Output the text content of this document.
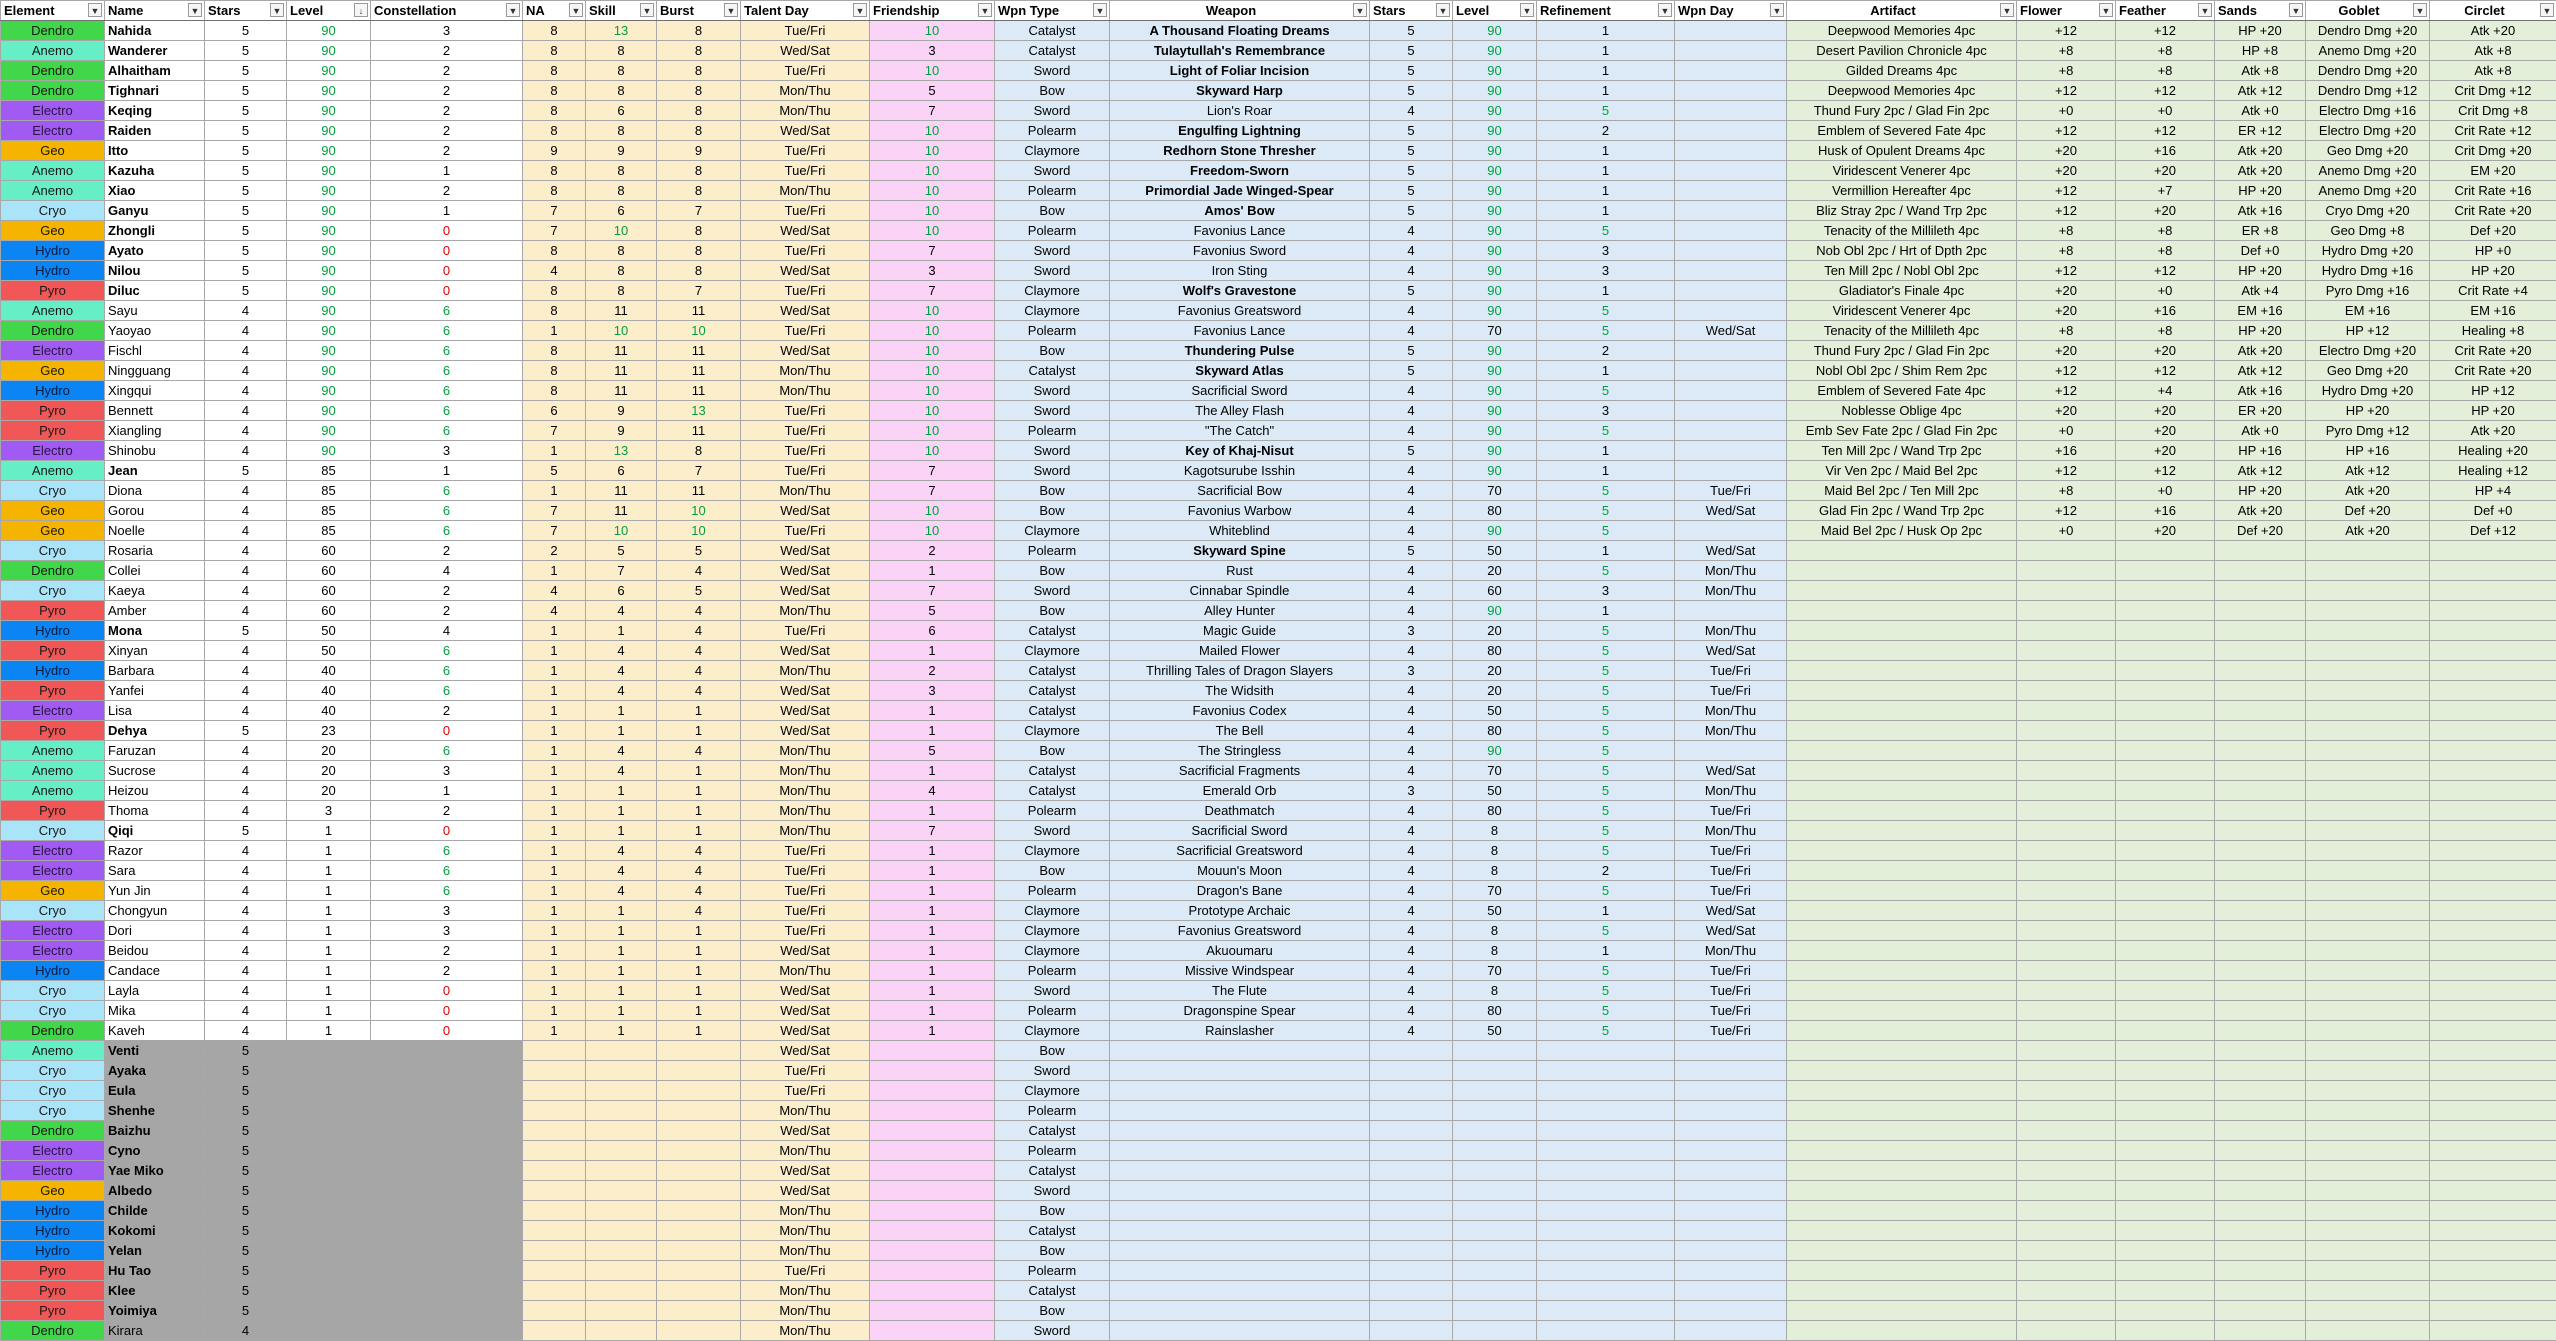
Element ▼	Name ▼	Stars ▼	Level ↓	Constellation ▼	NA ▼	Skill ▼	Burst ▼	Talent Day ▼	Friendship ▼	Wpn Type ▼	Weapon ▼	Stars ▼	Level ▼	Refinement ▼	Wpn Day ▼	Artifact ▼	Flower ▼	Feather ▼	Sands ▼	Goblet ▼	Circlet ▼

Dendro	Nahida	5	90	3	8	13	8	Tue/Fri	10	Catalyst	A Thousand Floating Dreams	5	90	1		Deepwood Memories 4pc	+12	+12	HP +20	Dendro Dmg +20	Atk +20
Anemo	Wanderer	5	90	2	8	8	8	Wed/Sat	3	Catalyst	Tulaytullah's Remembrance	5	90	1		Desert Pavilion Chronicle 4pc	+8	+8	HP +8	Anemo Dmg +20	Atk +8
Dendro	Alhaitham	5	90	2	8	8	8	Tue/Fri	10	Sword	Light of Foliar Incision	5	90	1		Gilded Dreams 4pc	+8	+8	Atk +8	Dendro Dmg +20	Atk +8
Dendro	Tighnari	5	90	2	8	8	8	Mon/Thu	5	Bow	Skyward Harp	5	90	1		Deepwood Memories 4pc	+12	+12	Atk +12	Dendro Dmg +12	Crit Dmg +12
Electro	Keqing	5	90	2	8	6	8	Mon/Thu	7	Sword	Lion's Roar	4	90	5		Thund Fury 2pc / Glad Fin 2pc	+0	+0	Atk +0	Electro Dmg +16	Crit Dmg +8
Electro	Raiden	5	90	2	8	8	8	Wed/Sat	10	Polearm	Engulfing Lightning	5	90	2		Emblem of Severed Fate 4pc	+12	+12	ER +12	Electro Dmg +20	Crit Rate +12
Geo	Itto	5	90	2	9	9	9	Tue/Fri	10	Claymore	Redhorn Stone Thresher	5	90	1		Husk of Opulent Dreams 4pc	+20	+16	Atk +20	Geo Dmg +20	Crit Dmg +20
Anemo	Kazuha	5	90	1	8	8	8	Tue/Fri	10	Sword	Freedom-Sworn	5	90	1		Viridescent Venerer 4pc	+20	+20	Atk +20	Anemo Dmg +20	EM +20
Anemo	Xiao	5	90	2	8	8	8	Mon/Thu	10	Polearm	Primordial Jade Winged-Spear	5	90	1		Vermillion Hereafter 4pc	+12	+7	HP +20	Anemo Dmg +20	Crit Rate +16
Cryo	Ganyu	5	90	1	7	6	7	Tue/Fri	10	Bow	Amos' Bow	5	90	1		Bliz Stray 2pc / Wand Trp 2pc	+12	+20	Atk +16	Cryo Dmg +20	Crit Rate +20
Geo	Zhongli	5	90	0	7	10	8	Wed/Sat	10	Polearm	Favonius Lance	4	90	5		Tenacity of the Millileth 4pc	+8	+8	ER +8	Geo Dmg +8	Def +20
Hydro	Ayato	5	90	0	8	8	8	Tue/Fri	7	Sword	Favonius Sword	4	90	3		Nob Obl 2pc / Hrt of Dpth 2pc	+8	+8	Def +0	Hydro Dmg +20	HP +0
Hydro	Nilou	5	90	0	4	8	8	Wed/Sat	3	Sword	Iron Sting	4	90	3		Ten Mill 2pc / Nobl Obl 2pc	+12	+12	HP +20	Hydro Dmg +16	HP +20
Pyro	Diluc	5	90	0	8	8	7	Tue/Fri	7	Claymore	Wolf's Gravestone	5	90	1		Gladiator's Finale 4pc	+20	+0	Atk +4	Pyro Dmg +16	Crit Rate +4
Anemo	Sayu	4	90	6	8	11	11	Wed/Sat	10	Claymore	Favonius Greatsword	4	90	5		Viridescent Venerer 4pc	+20	+16	EM +16	EM +16	EM +16
Dendro	Yaoyao	4	90	6	1	10	10	Tue/Fri	10	Polearm	Favonius Lance	4	70	5	Wed/Sat	Tenacity of the Millileth 4pc	+8	+8	HP +20	HP +12	Healing +8
Electro	Fischl	4	90	6	8	11	11	Wed/Sat	10	Bow	Thundering Pulse	5	90	2		Thund Fury 2pc / Glad Fin 2pc	+20	+20	Atk +20	Electro Dmg +20	Crit Rate +20
Geo	Ningguang	4	90	6	8	11	11	Mon/Thu	10	Catalyst	Skyward Atlas	5	90	1		Nobl Obl 2pc / Shim Rem 2pc	+12	+12	Atk +12	Geo Dmg +20	Crit Rate +20
Hydro	Xingqui	4	90	6	8	11	11	Mon/Thu	10	Sword	Sacrificial Sword	4	90	5		Emblem of Severed Fate 4pc	+12	+4	Atk +16	Hydro Dmg +20	HP +12
Pyro	Bennett	4	90	6	6	9	13	Tue/Fri	10	Sword	The Alley Flash	4	90	3		Noblesse Oblige 4pc	+20	+20	ER +20	HP +20	HP +20
Pyro	Xiangling	4	90	6	7	9	11	Tue/Fri	10	Polearm	"The Catch"	4	90	5		Emb Sev Fate 2pc / Glad Fin 2pc	+0	+20	Atk +0	Pyro Dmg +12	Atk +20
Electro	Shinobu	4	90	3	1	13	8	Tue/Fri	10	Sword	Key of Khaj-Nisut	5	90	1		Ten Mill 2pc / Wand Trp 2pc	+16	+20	HP +16	HP +16	Healing +20
Anemo	Jean	5	85	1	5	6	7	Tue/Fri	7	Sword	Kagotsurube Isshin	4	90	1		Vir Ven 2pc / Maid Bel 2pc	+12	+12	Atk +12	Atk +12	Healing +12
Cryo	Diona	4	85	6	1	11	11	Mon/Thu	7	Bow	Sacrificial Bow	4	70	5	Tue/Fri	Maid Bel 2pc / Ten Mill 2pc	+8	+0	HP +20	Atk +20	HP +4
Geo	Gorou	4	85	6	7	11	10	Wed/Sat	10	Bow	Favonius Warbow	4	80	5	Wed/Sat	Glad Fin 2pc / Wand Trp 2pc	+12	+16	Atk +20	Def +20	Def +0
Geo	Noelle	4	85	6	7	10	10	Tue/Fri	10	Claymore	Whiteblind	4	90	5		Maid Bel 2pc / Husk Op 2pc	+0	+20	Def +20	Atk +20	Def +12
Cryo	Rosaria	4	60	2	2	5	5	Wed/Sat	2	Polearm	Skyward Spine	5	50	1	Wed/Sat						
Dendro	Collei	4	60	4	1	7	4	Wed/Sat	1	Bow	Rust	4	20	5	Mon/Thu						
Cryo	Kaeya	4	60	2	4	6	5	Wed/Sat	7	Sword	Cinnabar Spindle	4	60	3	Mon/Thu						
Pyro	Amber	4	60	2	4	4	4	Mon/Thu	5	Bow	Alley Hunter	4	90	1							
Hydro	Mona	5	50	4	1	1	4	Tue/Fri	6	Catalyst	Magic Guide	3	20	5	Mon/Thu						
Pyro	Xinyan	4	50	6	1	4	4	Wed/Sat	1	Claymore	Mailed Flower	4	80	5	Wed/Sat						
Hydro	Barbara	4	40	6	1	4	4	Mon/Thu	2	Catalyst	Thrilling Tales of Dragon Slayers	3	20	5	Tue/Fri						
Pyro	Yanfei	4	40	6	1	4	4	Wed/Sat	3	Catalyst	The Widsith	4	20	5	Tue/Fri						
Electro	Lisa	4	40	2	1	1	1	Wed/Sat	1	Catalyst	Favonius Codex	4	50	5	Mon/Thu						
Pyro	Dehya	5	23	0	1	1	1	Wed/Sat	1	Claymore	The Bell	4	80	5	Mon/Thu						
Anemo	Faruzan	4	20	6	1	4	4	Mon/Thu	5	Bow	The Stringless	4	90	5							
Anemo	Sucrose	4	20	3	1	4	1	Mon/Thu	1	Catalyst	Sacrificial Fragments	4	70	5	Wed/Sat						
Anemo	Heizou	4	20	1	1	1	1	Mon/Thu	4	Catalyst	Emerald Orb	3	50	5	Mon/Thu						
Pyro	Thoma	4	3	2	1	1	1	Mon/Thu	1	Polearm	Deathmatch	4	80	5	Tue/Fri						
Cryo	Qiqi	5	1	0	1	1	1	Mon/Thu	7	Sword	Sacrificial Sword	4	8	5	Mon/Thu						
Electro	Razor	4	1	6	1	4	4	Tue/Fri	1	Claymore	Sacrificial Greatsword	4	8	5	Tue/Fri						
Electro	Sara	4	1	6	1	4	4	Tue/Fri	1	Bow	Mouun's Moon	4	8	2	Tue/Fri						
Geo	Yun Jin	4	1	6	1	4	4	Tue/Fri	1	Polearm	Dragon's Bane	4	70	5	Tue/Fri						
Cryo	Chongyun	4	1	3	1	1	4	Tue/Fri	1	Claymore	Prototype Archaic	4	50	1	Wed/Sat						
Electro	Dori	4	1	3	1	1	1	Tue/Fri	1	Claymore	Favonius Greatsword	4	8	5	Wed/Sat						
Electro	Beidou	4	1	2	1	1	1	Wed/Sat	1	Claymore	Akuoumaru	4	8	1	Mon/Thu						
Hydro	Candace	4	1	2	1	1	1	Mon/Thu	1	Polearm	Missive Windspear	4	70	5	Tue/Fri						
Cryo	Layla	4	1	0	1	1	1	Wed/Sat	1	Sword	The Flute	4	8	5	Tue/Fri						
Cryo	Mika	4	1	0	1	1	1	Wed/Sat	1	Polearm	Dragonspine Spear	4	80	5	Tue/Fri						
Dendro	Kaveh	4	1	0	1	1	1	Wed/Sat	1	Claymore	Rainslasher	4	50	5	Tue/Fri						
Anemo	Venti	5						Wed/Sat		Bow											
Cryo	Ayaka	5						Tue/Fri		Sword											
Cryo	Eula	5						Tue/Fri		Claymore											
Cryo	Shenhe	5						Mon/Thu		Polearm											
Dendro	Baizhu	5						Wed/Sat		Catalyst											
Electro	Cyno	5						Mon/Thu		Polearm											
Electro	Yae Miko	5						Wed/Sat		Catalyst											
Geo	Albedo	5						Wed/Sat		Sword											
Hydro	Childe	5						Mon/Thu		Bow											
Hydro	Kokomi	5						Mon/Thu		Catalyst											
Hydro	Yelan	5						Mon/Thu		Bow											
Pyro	Hu Tao	5						Tue/Fri		Polearm											
Pyro	Klee	5						Mon/Thu		Catalyst											
Pyro	Yoimiya	5						Mon/Thu		Bow											
Dendro	Kirara	4						Mon/Thu		Sword											
